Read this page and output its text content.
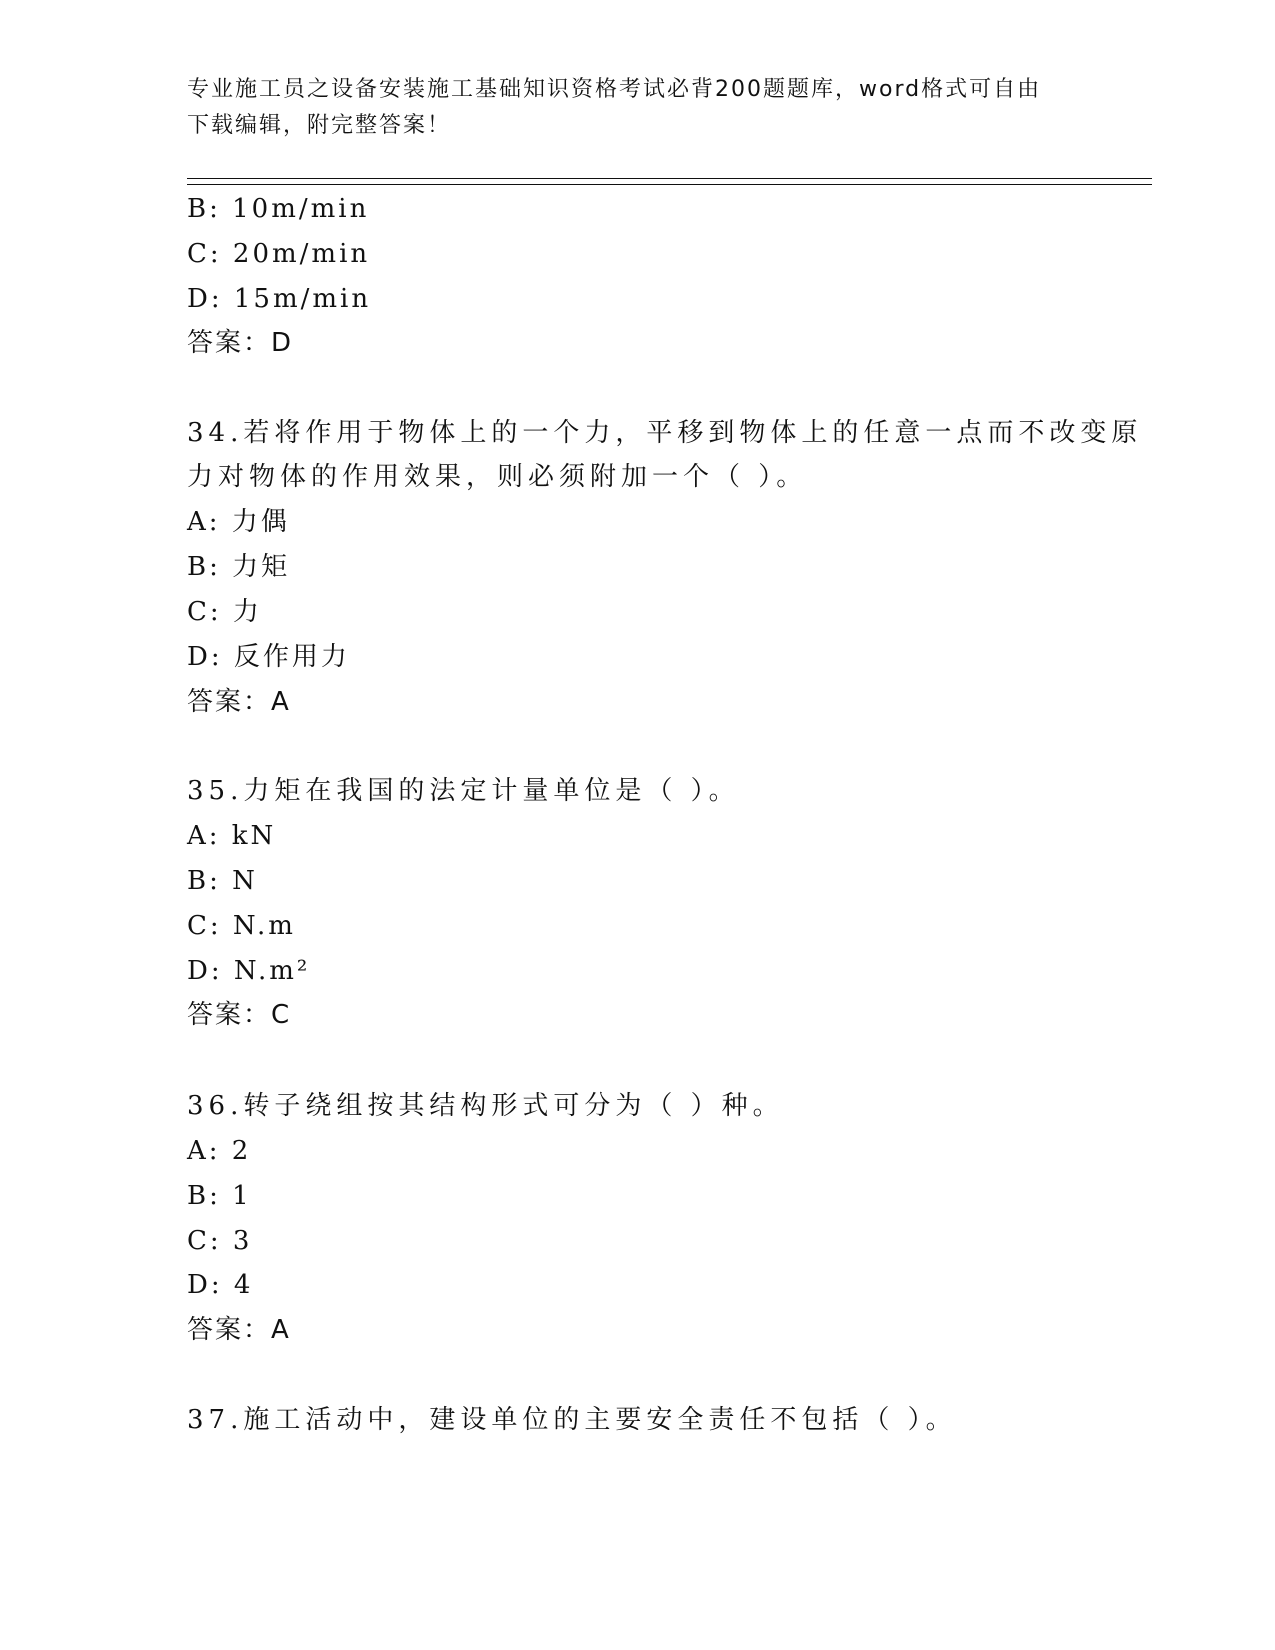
专业施工员之设备安装施工基础知识资格考试必背200题题库，word格式可自由
下载编辑，附完整答案！
B: 10m/min
C: 20m/min
D: 15m/min
答案：D
34.若将作用于物体上的一个力，平移到物体上的任意一点而不改变原
力对物体的作用效果，则必须附加一个（ ）。
A: 力偶
B: 力矩
C: 力
D: 反作用力
答案：A
35.力矩在我国的法定计量单位是（ ）。
A: kN
B: N
C: N.m
D: N.m²
答案：C
36.转子绕组按其结构形式可分为（ ）种。
A: 2
B: 1
C: 3
D: 4
答案：A
37.施工活动中，建设单位的主要安全责任不包括（ ）。
